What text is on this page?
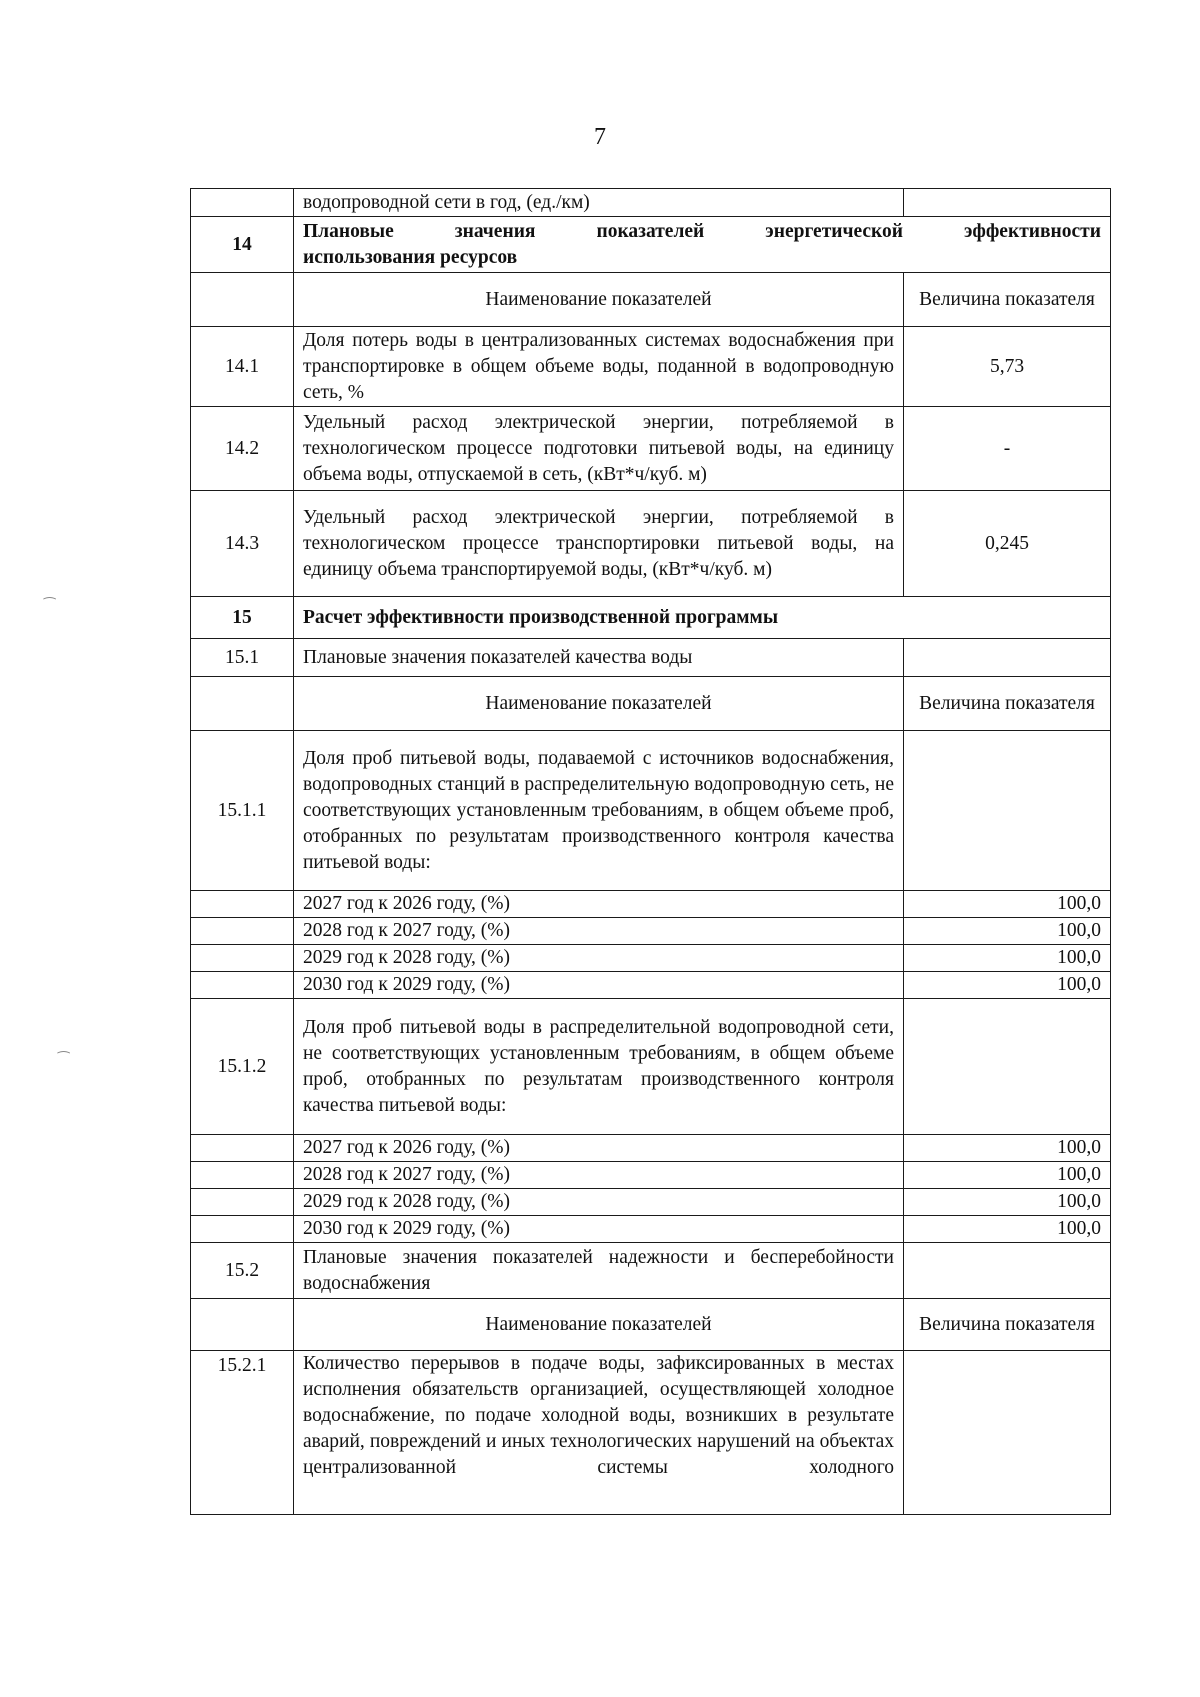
7
⁀
⁀
	водопроводной сети в год, (ед./км)	
14	Плановые значения показателей энергетической эффективности
использования ресурсов	

	Наименование показателей	Величина показателя
14.1	Доля потерь воды в централизованных системах водоснабжения при транспортировке в общем объеме воды, поданной в водопроводную сеть, %	5,73
14.2	Удельный расход электрической энергии, потребляемой в технологическом процессе подготовки питьевой воды, на единицу объема воды, отпускаемой в сеть, (кВт*ч/куб. м)	-
14.3	Удельный расход электрической энергии, потребляемой в технологическом процессе транспортировки питьевой воды, на единицу объема транспортируемой воды, (кВт*ч/куб. м)	0,245
15	Расчет эффективности производственной программы	
15.1	Плановые значения показателей качества воды	
	Наименование показателей	Величина показателя
15.1.1	Доля проб питьевой воды, подаваемой с источников водоснабжения, водопроводных станций в распределительную водопроводную сеть, не соответствующих установленным требованиям, в общем объеме проб, отобранных по результатам производственного контроля качества питьевой воды:	
	2027 год к 2026 году, (%)	100,0
	2028 год к 2027 году, (%)	100,0
	2029 год к 2028 году, (%)	100,0
	2030 год к 2029 году, (%)	100,0
15.1.2	Доля проб питьевой воды в распределительной водопроводной сети, не соответствующих установленным требованиям, в общем объеме проб, отобранных по результатам производственного контроля качества питьевой воды:	
	2027 год к 2026 году, (%)	100,0
	2028 год к 2027 году, (%)	100,0
	2029 год к 2028 году, (%)	100,0
	2030 год к 2029 году, (%)	100,0
15.2	Плановые значения показателей надежности и бесперебойности водоснабжения	
	Наименование показателей	Величина показателя
15.2.1	Количество перерывов в подаче воды, зафиксированных в местах исполнения обязательств организацией, осуществляющей холодное водоснабжение, по подаче холодной воды, возникших в результате аварий, повреждений и иных технологических нарушений на объектах централизованной системы холодного	
